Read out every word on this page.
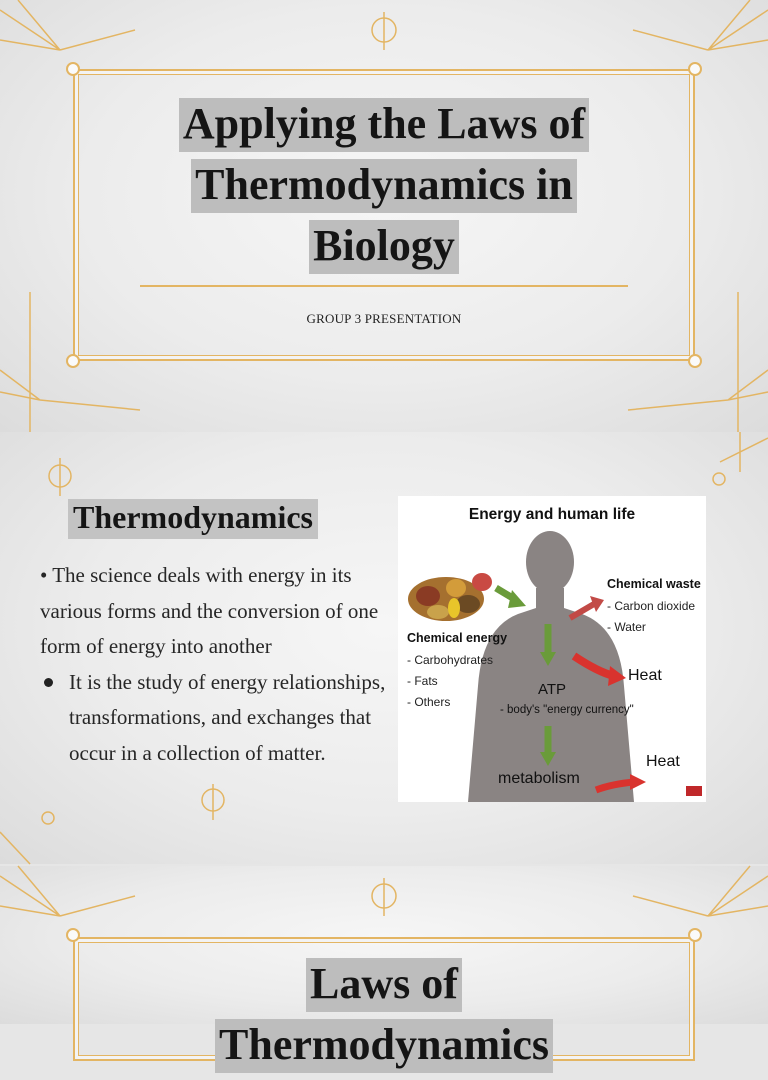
Applying the Laws of
Thermodynamics in
Biology
GROUP 3 PRESENTATION
Thermodynamics
• The science deals with energy in its various forms and the conversion of one form of energy into another
It is the study of energy relationships, transformations, and exchanges that occur in a collection of matter.
Energy and human life
Chemical energy
- Carbohydrates
- Fats
- Others
Chemical waste
- Carbon dioxide
- Water
Heat
ATP
- body's "energy currency"
metabolism
Heat
Laws of
Thermodynamics
